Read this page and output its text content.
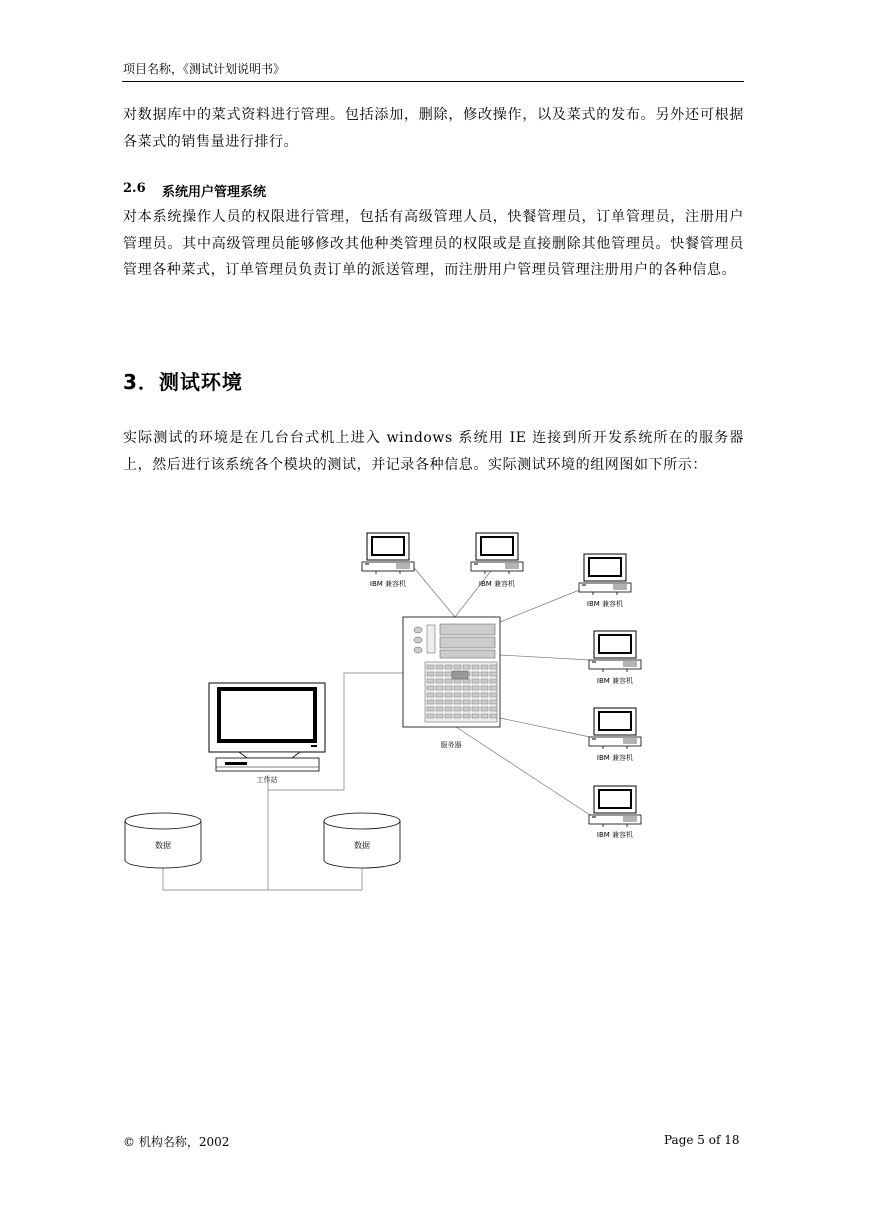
项目名称，《测试计划说明书》

对数据库中的菜式资料进行管理。包括添加，删除，修改操作，以及菜式的发布。另外还可根据各菜式的销售量进行排行。

2.6 系统用户管理系统

对本系统操作人员的权限进行管理，包括有高级管理人员，快餐管理员，订单管理员，注册用户管理员。其中高级管理员能够修改其他种类管理员的权限或是直接删除其他管理员。快餐管理员管理各种菜式，订单管理员负责订单的派送管理，而注册用户管理员管理注册用户的各种信息。

3．测试环境

实际测试的环境是在几台台式机上进入 windows 系统用 IE 连接到所开发系统所在的服务器上，然后进行该系统各个模块的测试，并记录各种信息。实际测试环境的组网图如下所示：

IBM 兼容机	IBM 兼容机
IBM 兼容机
IBM 兼容机
IBM 兼容机
IBM 兼容机
服务器
工作站
数据	数据
© 机构名称，2002	Page 5 of 18
